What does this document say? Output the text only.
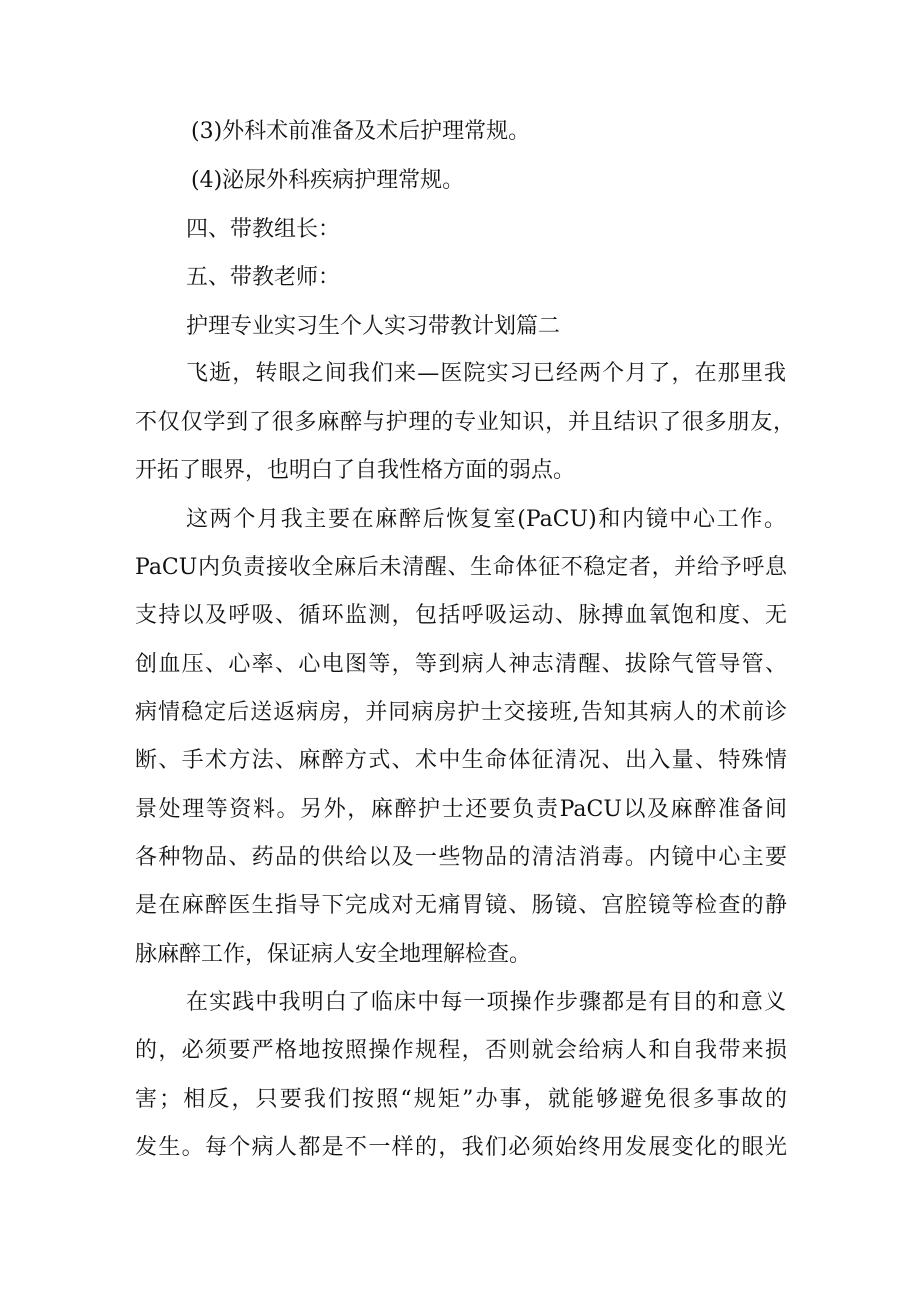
(3)外科术前准备及术后护理常规。
(4)泌尿外科疾病护理常规。
四、带教组长：
五、带教老师：
护理专业实习生个人实习带教计划篇二
飞逝，转眼之间我们来—医院实习已经两个月了，在那里我
不仅仅学到了很多麻醉与护理的专业知识，并且结识了很多朋友，
开拓了眼界，也明白了自我性格方面的弱点。
这两个月我主要在麻醉后恢复室(PaCU)和内镜中心工作。
PaCU内负责接收全麻后未清醒、生命体征不稳定者，并给予呼息
支持以及呼吸、循环监测，包括呼吸运动、脉搏血氧饱和度、无
创血压、心率、心电图等，等到病人神志清醒、拔除气管导管、
病情稳定后送返病房，并同病房护士交接班,告知其病人的术前诊
断、手术方法、麻醉方式、术中生命体征清况、出入量、特殊情
景处理等资料。另外，麻醉护士还要负责PaCU以及麻醉准备间
各种物品、药品的供给以及一些物品的清洁消毒。内镜中心主要
是在麻醉医生指导下完成对无痛胃镜、肠镜、宫腔镜等检查的静
脉麻醉工作，保证病人安全地理解检查。
在实践中我明白了临床中每一项操作步骤都是有目的和意义
的，必须要严格地按照操作规程，否则就会给病人和自我带来损
害；相反，只要我们按照“规矩”办事，就能够避免很多事故的
发生。每个病人都是不一样的，我们必须始终用发展变化的眼光
